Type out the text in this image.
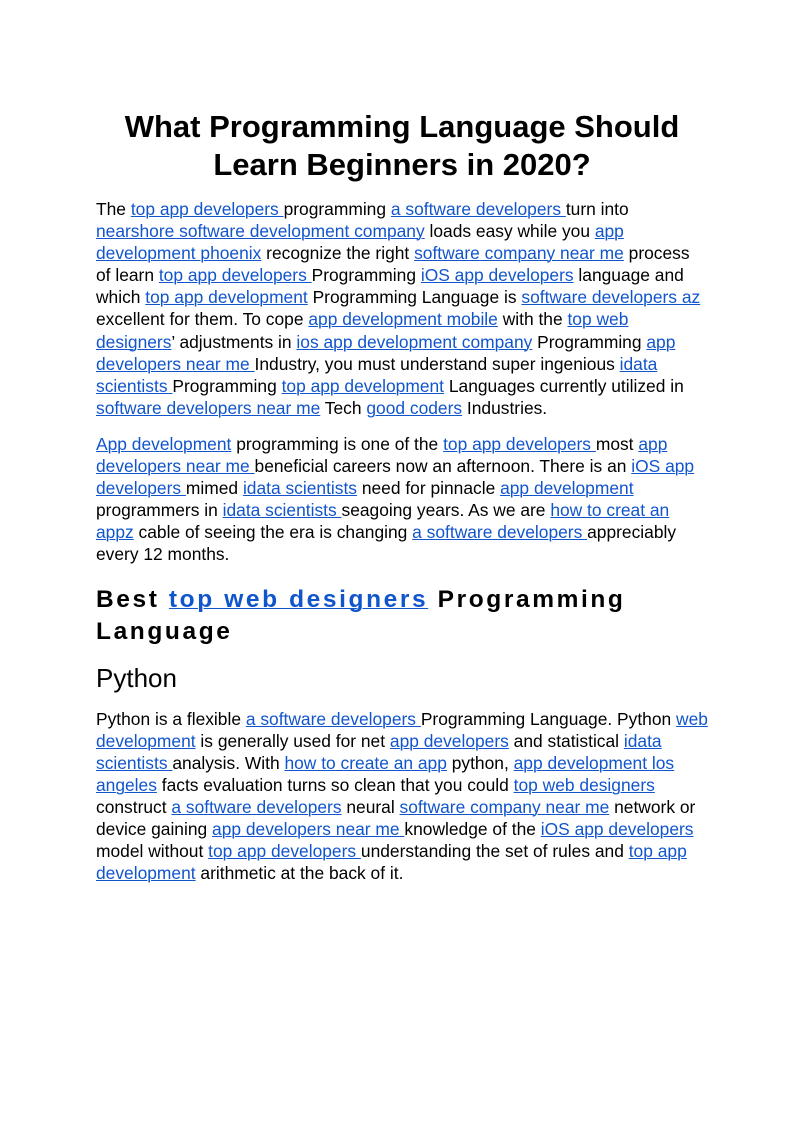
What Programming Language Should Learn Beginners in 2020?

The top app developers programming a software developers turn into nearshore software development company loads easy while you app development phoenix recognize the right software company near me process of learn top app developers Programming iOS app developers language and which top app development Programming Language is software developers az excellent for them. To cope app development mobile with the top web designers’ adjustments in ios app development company Programming app developers near me Industry, you must understand super ingenious idata scientists Programming top app development Languages currently utilized in software developers near me Tech good coders Industries.

App development programming is one of the top app developers most app developers near me beneficial careers now an afternoon. There is an iOS app developers mimed idata scientists need for pinnacle app development programmers in idata scientists seagoing years. As we are how to creat an appz cable of seeing the era is changing a software developers appreciably every 12 months.

Best top web designers Programming Language
Python

Python is a flexible a software developers Programming Language. Python web development is generally used for net app developers and statistical idata scientists analysis. With how to create an app python, app development los angeles facts evaluation turns so clean that you could top web designers construct a software developers neural software company near me network or device gaining app developers near me knowledge of the iOS app developers model without top app developers understanding the set of rules and top app development arithmetic at the back of it.
